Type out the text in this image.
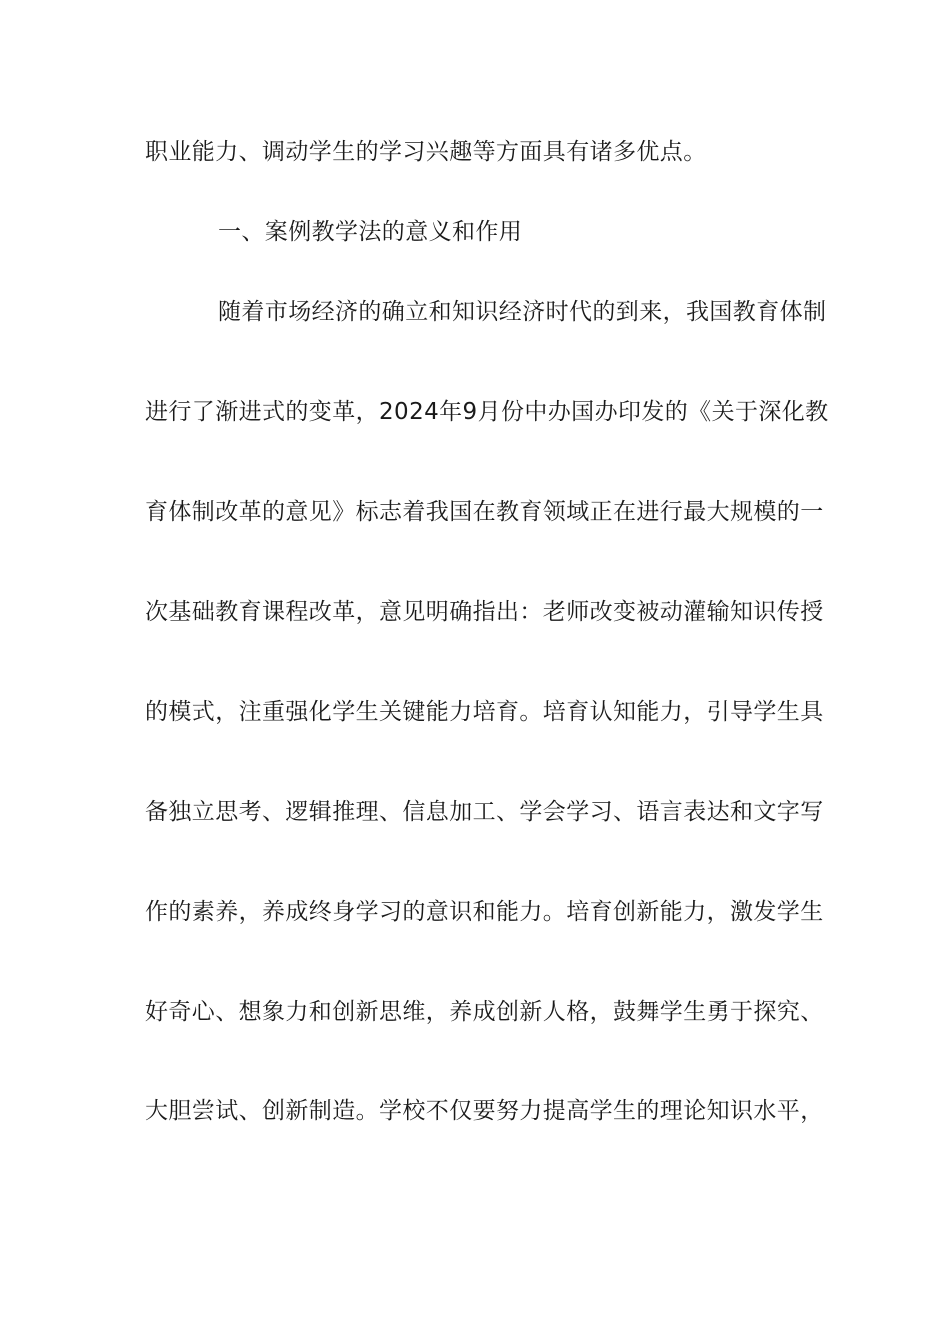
职业能力、调动学生的学习兴趣等方面具有诸多优点。
一、案例教学法的意义和作用
随着市场经济的确立和知识经济时代的到来，我国教育体制
进行了渐进式的变革，2024年9月份中办国办印发的《关于深化教
育体制改革的意见》标志着我国在教育领域正在进行最大规模的一
次基础教育课程改革，意见明确指出：老师改变被动灌输知识传授
的模式，注重强化学生关键能力培育。培育认知能力，引导学生具
备独立思考、逻辑推理、信息加工、学会学习、语言表达和文字写
作的素养，养成终身学习的意识和能力。培育创新能力，激发学生
好奇心、想象力和创新思维，养成创新人格，鼓舞学生勇于探究、
大胆尝试、创新制造。学校不仅要努力提高学生的理论知识水平，
